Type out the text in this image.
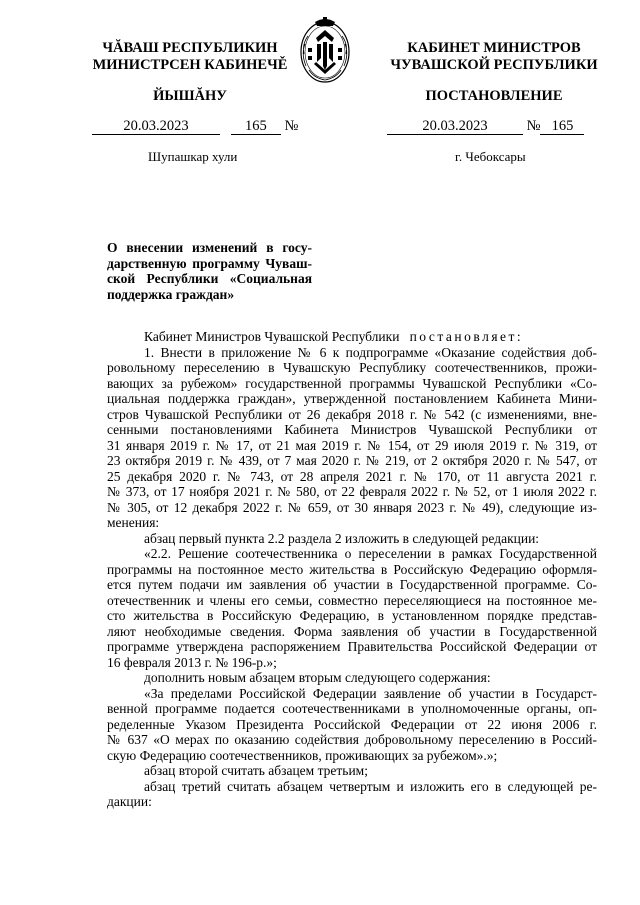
ЧĂВАШ РЕСПУБЛИКИН
МИНИСТРСЕН КАБИНЕЧĚ
КАБИНЕТ МИНИСТРОВ
ЧУВАШСКОЙ РЕСПУБЛИКИ
ЙЫШĂНУ	ПОСТАНОВЛЕНИЕ
20.03.2023	165 №	20.03.2023	№ 165
Шупашкар хули	г. Чебоксары
О внесении изменений в госу-
дарственную программу Чуваш-
ской Республики «Социальная
поддержка граждан»
Кабинет Министров Чувашской Республики постановляет:
1. Внести в приложение № 6 к подпрограмме «Оказание содействия доб-
ровольному переселению в Чувашскую Республику соотечественников, прожи-
вающих за рубежом» государственной программы Чувашской Республики «Со-
циальная поддержка граждан», утвержденной постановлением Кабинета Мини-
стров Чувашской Республики от 26 декабря 2018 г. № 542 (с изменениями, вне-
сенными постановлениями Кабинета Министров Чувашской Республики от
31 января 2019 г. № 17, от 21 мая 2019 г. № 154, от 29 июля 2019 г. № 319, от
23 октября 2019 г. № 439, от 7 мая 2020 г. № 219, от 2 октября 2020 г. № 547, от
25 декабря 2020 г. № 743, от 28 апреля 2021 г. № 170, от 11 августа 2021 г.
№ 373, от 17 ноября 2021 г. № 580, от 22 февраля 2022 г. № 52, от 1 июля 2022 г.
№ 305, от 12 декабря 2022 г. № 659, от 30 января 2023 г. № 49), следующие из-
менения:
абзац первый пункта 2.2 раздела 2 изложить в следующей редакции:
«2.2. Решение соотечественника о переселении в рамках Государственной
программы на постоянное место жительства в Российскую Федерацию оформля-
ется путем подачи им заявления об участии в Государственной программе. Со-
отечественник и члены его семьи, совместно переселяющиеся на постоянное ме-
сто жительства в Российскую Федерацию, в установленном порядке представ-
ляют необходимые сведения. Форма заявления об участии в Государственной
программе утверждена распоряжением Правительства Российской Федерации от
16 февраля 2013 г. № 196-р.»;
дополнить новым абзацем вторым следующего содержания:
«За пределами Российской Федерации заявление об участии в Государст-
венной программе подается соотечественниками в уполномоченные органы, оп-
ределенные Указом Президента Российской Федерации от 22 июня 2006 г.
№ 637 «О мерах по оказанию содействия добровольному переселению в Россий-
скую Федерацию соотечественников, проживающих за рубежом».»;
абзац второй считать абзацем третьим;
абзац третий считать абзацем четвертым и изложить его в следующей ре-
дакции:
